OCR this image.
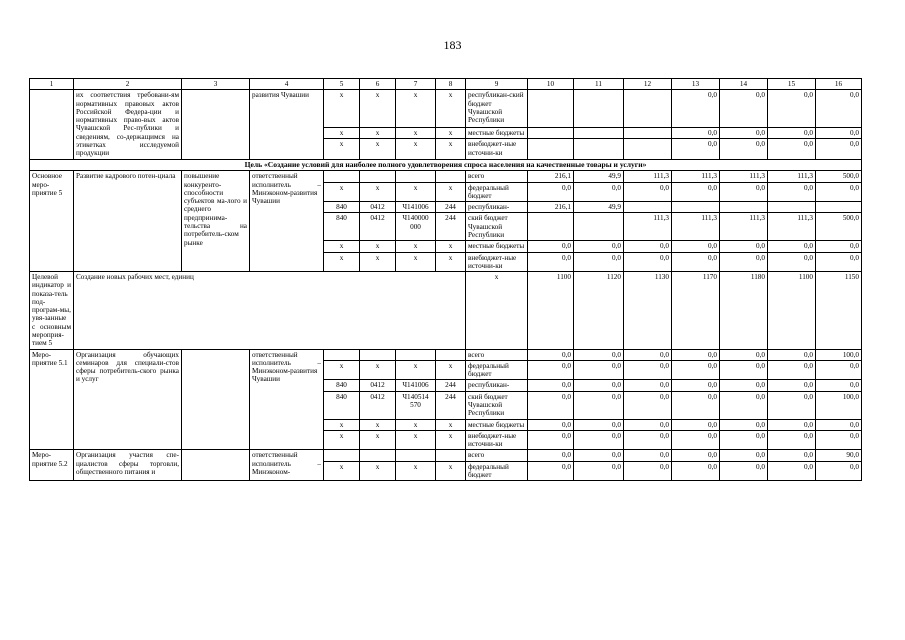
183
1	2	3	4	5	6	7	8	9	10	11	12	13	14	15	16
	их соответствия требовани-ям нормативных правовых актов Российской Федера-ции и нормативных право-вых актов Чувашской Рес-публики и сведениям, со-держащимся на этикетках исследуемой продукции		развития Чувашии	x	x	x	x	республикан-ский бюджет Чувашской Республики				0,0	0,0	0,0	0,0
				x	x	x	x	местные бюджеты				0,0	0,0	0,0	0,0
				x	x	x	x	внебюджет-ные источни-ки				0,0	0,0	0,0	0,0
Цель «Создание условий для наиболее полного удовлетворения спроса населения на качественные товары и услуги»															
Основное меро-приятие 5	Развитие кадрового потен-циала	повышение конкуренто-способности субъектов ма-лого и среднего предпринима-тельства на потребитель-ском рынке	ответственный исполнитель – Минэконом-развития Чувашии					всего	216,1	49,9	111,3	111,3	111,3	111,3	500,0
				x	x	x	x	федеральный бюджет	0,0	0,0	0,0	0,0	0,0	0,0	0,0
				840	0412	Ч141006	244	республикан-	216,1	49,9					
				840	0412	Ч140000 000	244	ский бюджет Чувашской Республики			111,3	111,3	111,3	111,3	500,0
				x	x	x	x	местные бюджеты	0,0	0,0	0,0	0,0	0,0	0,0	0,0
				x	x	x	x	внебюджет-ные источни-ки	0,0	0,0	0,0	0,0	0,0	0,0	0,0
Целевой индикатор и показа-тель под-програм-мы, увя-занные с основным мероприя-тием 5	Создание новых рабочих мест, единиц							x	1100	1120	1130	1170	1180	1100	1150
Меро-приятие 5.1	Организация обучающих семинаров для специали-стов сферы потребитель-ского рынка и услуг		ответственный исполнитель – Минэконом-развития Чувашии					всего	0,0	0,0	0,0	0,0	0,0	0,0	100,0
				x	x	x	x	федеральный бюджет	0,0	0,0	0,0	0,0	0,0	0,0	0,0
				840	0412	Ч141006	244	республикан-	0,0	0,0	0,0	0,0	0,0	0,0	0,0
				840	0412	Ч140514 570	244	ский бюджет Чувашской Республики	0,0	0,0	0,0	0,0	0,0	0,0	100,0
				x	x	x	x	местные бюджеты	0,0	0,0	0,0	0,0	0,0	0,0	0,0
				x	x	x	x	внебюджет-ные источни-ки	0,0	0,0	0,0	0,0	0,0	0,0	0,0
Меро-приятие 5.2	Организация участия спе-циалистов сферы торговли, общественного питания и		ответственный исполнитель – Минэконом-					всего	0,0	0,0	0,0	0,0	0,0	0,0	90,0
				x	x	x	x	федеральный бюджет	0,0	0,0	0,0	0,0	0,0	0,0	0,0
